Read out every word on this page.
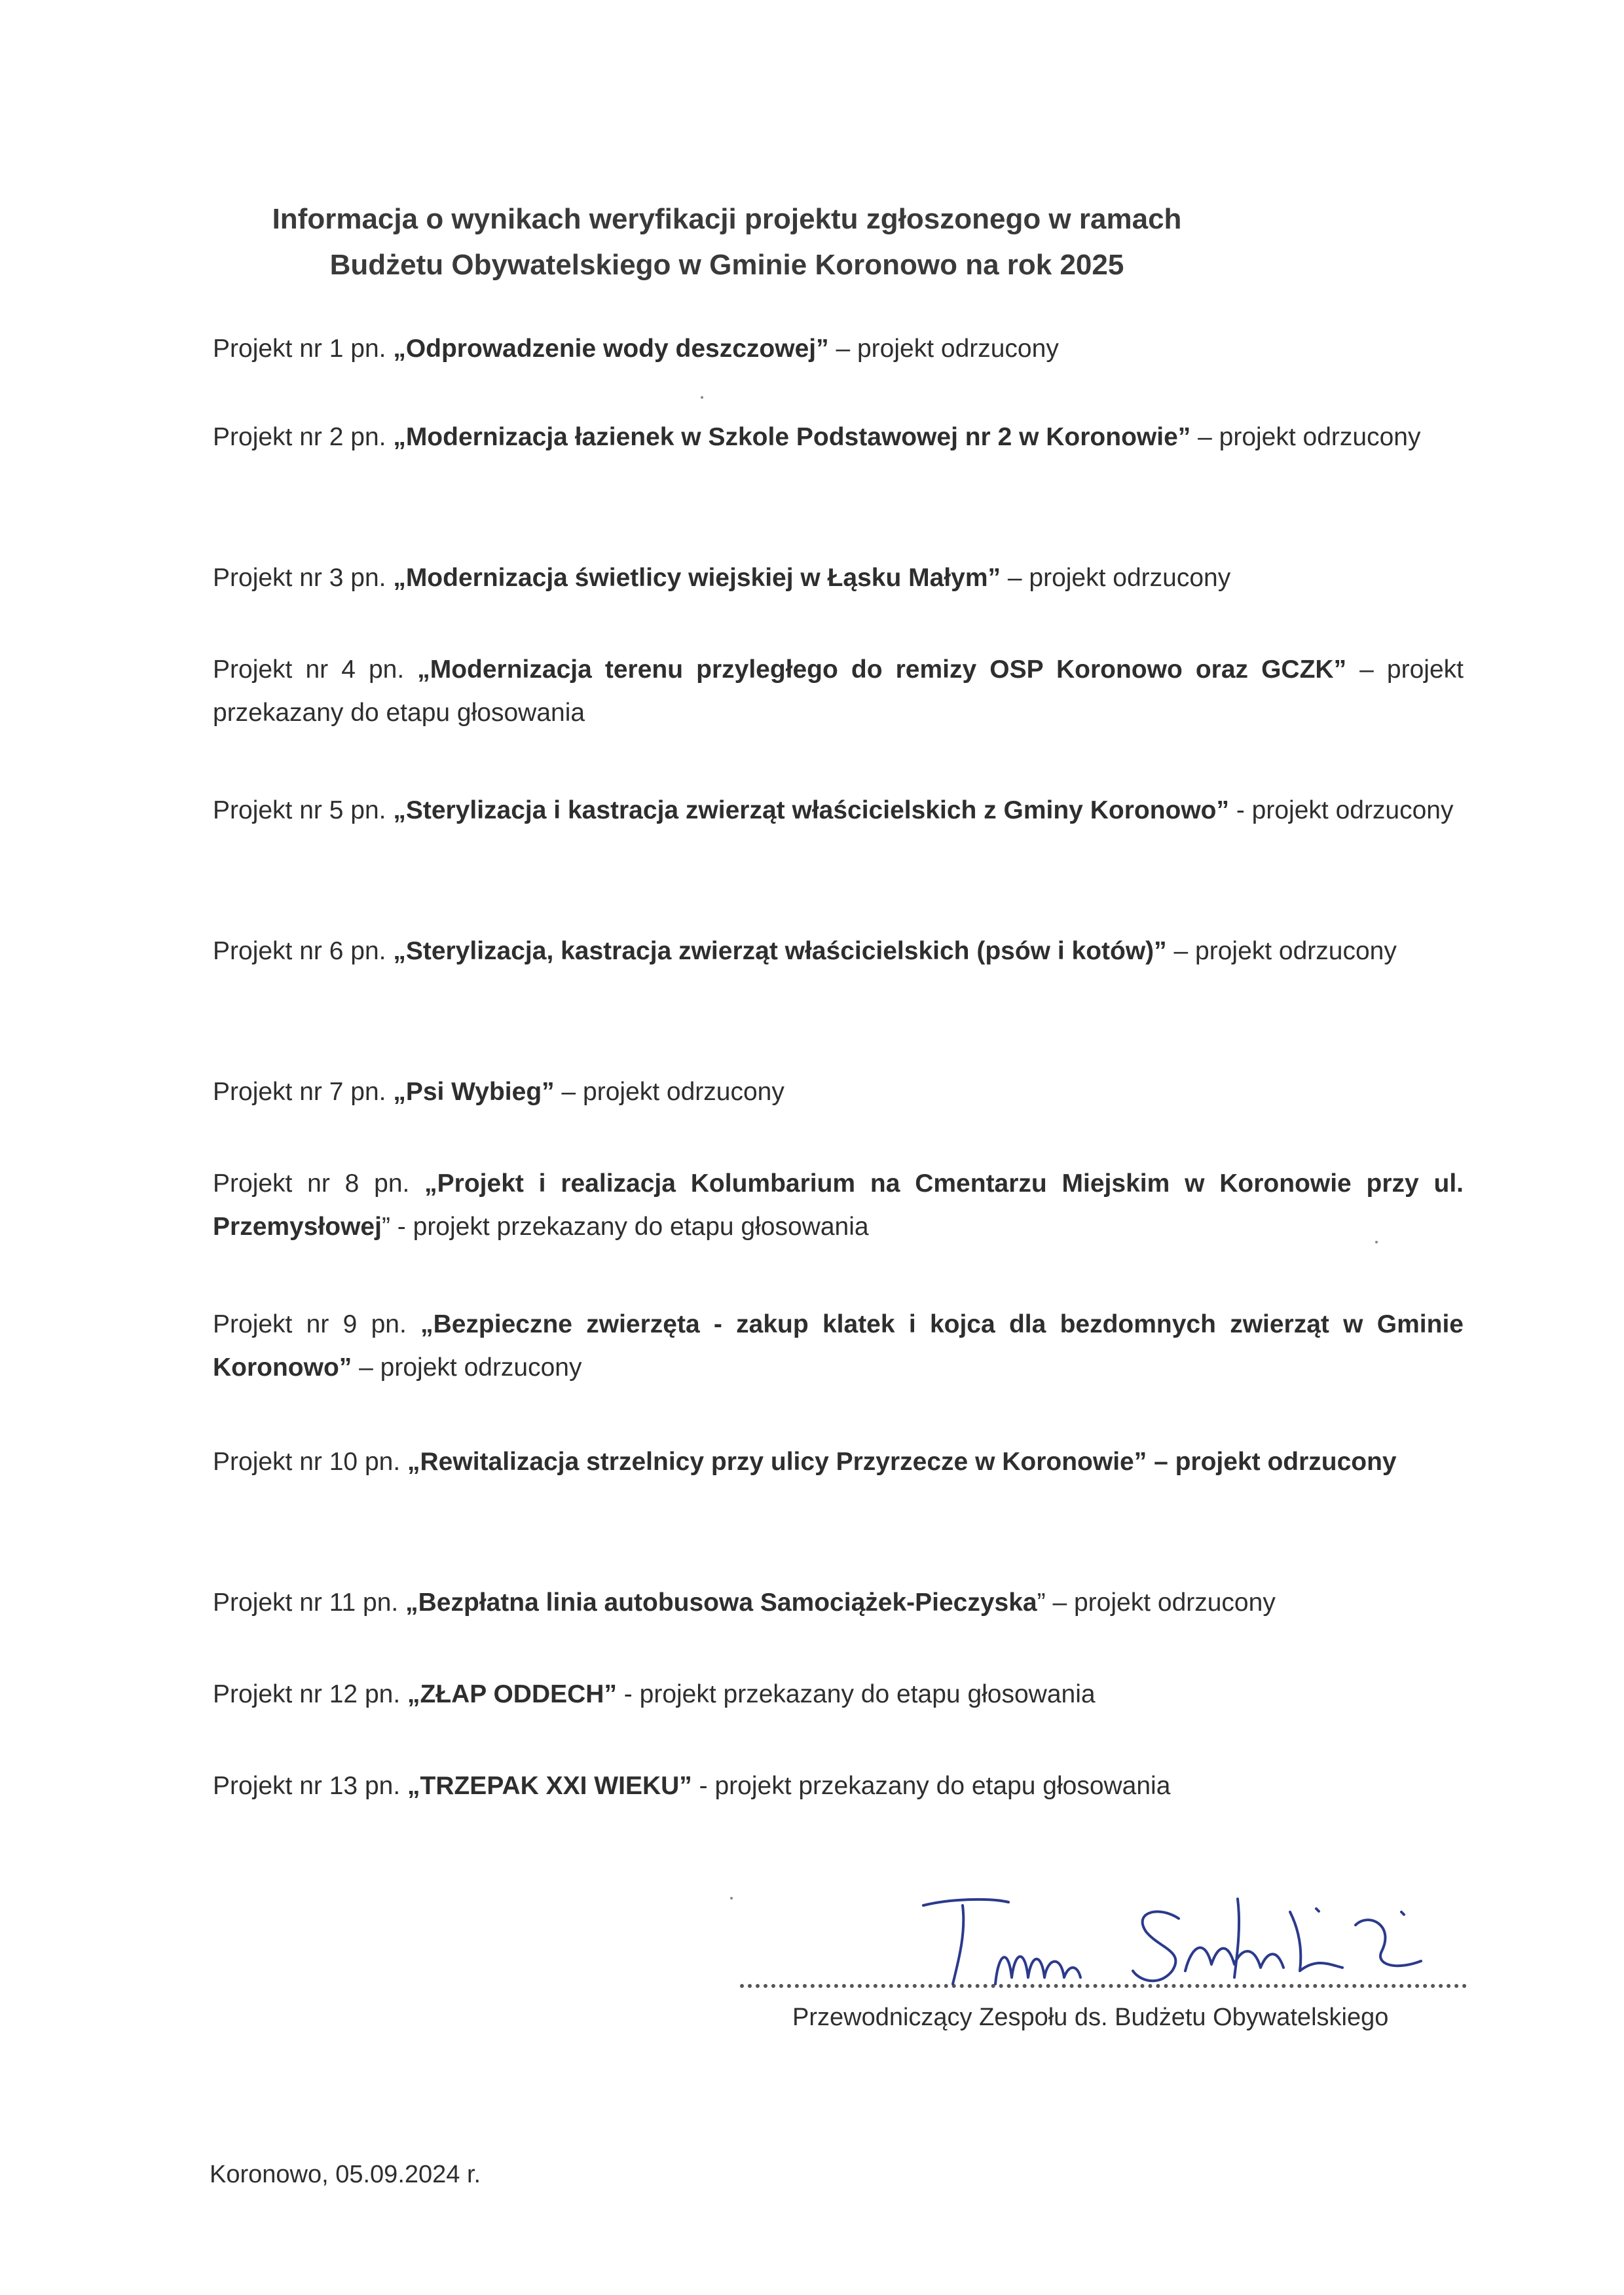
Informacja o wynikach weryfikacji projektu zgłoszonego w ramach
Budżetu Obywatelskiego w Gminie Koronowo na rok 2025
Projekt nr 1 pn. „Odprowadzenie wody deszczowej” – projekt odrzucony
Projekt nr 2 pn. „Modernizacja łazienek w Szkole Podstawowej nr 2 w Koronowie” – projekt odrzucony
Projekt nr 3 pn. „Modernizacja świetlicy wiejskiej w Łąsku Małym” – projekt odrzucony
Projekt nr 4 pn. „Modernizacja terenu przyległego do remizy OSP Koronowo oraz GCZK” – projekt przekazany do etapu głosowania
Projekt nr 5 pn. „Sterylizacja i kastracja zwierząt właścicielskich z Gminy Koronowo” - projekt odrzucony
Projekt nr 6 pn. „Sterylizacja, kastracja zwierząt właścicielskich (psów i kotów)” – projekt odrzucony
Projekt nr 7 pn. „Psi Wybieg” – projekt odrzucony
Projekt nr 8 pn. „Projekt i realizacja Kolumbarium na Cmentarzu Miejskim w Koronowie przy ul. Przemysłowej” - projekt przekazany do etapu głosowania
Projekt nr 9 pn. „Bezpieczne zwierzęta - zakup klatek i kojca dla bezdomnych zwierząt w Gminie Koronowo” – projekt odrzucony
Projekt nr 10 pn. „Rewitalizacja strzelnicy przy ulicy Przyrzecze w Koronowie” – projekt odrzucony
Projekt nr 11 pn. „Bezpłatna linia autobusowa Samociążek-Pieczyska” – projekt odrzucony
Projekt nr 12 pn. „ZŁAP ODDECH” - projekt przekazany do etapu głosowania
Projekt nr 13 pn. „TRZEPAK XXI WIEKU” - projekt przekazany do etapu głosowania
Przewodniczący Zespołu ds. Budżetu Obywatelskiego
Koronowo, 05.09.2024 r.
